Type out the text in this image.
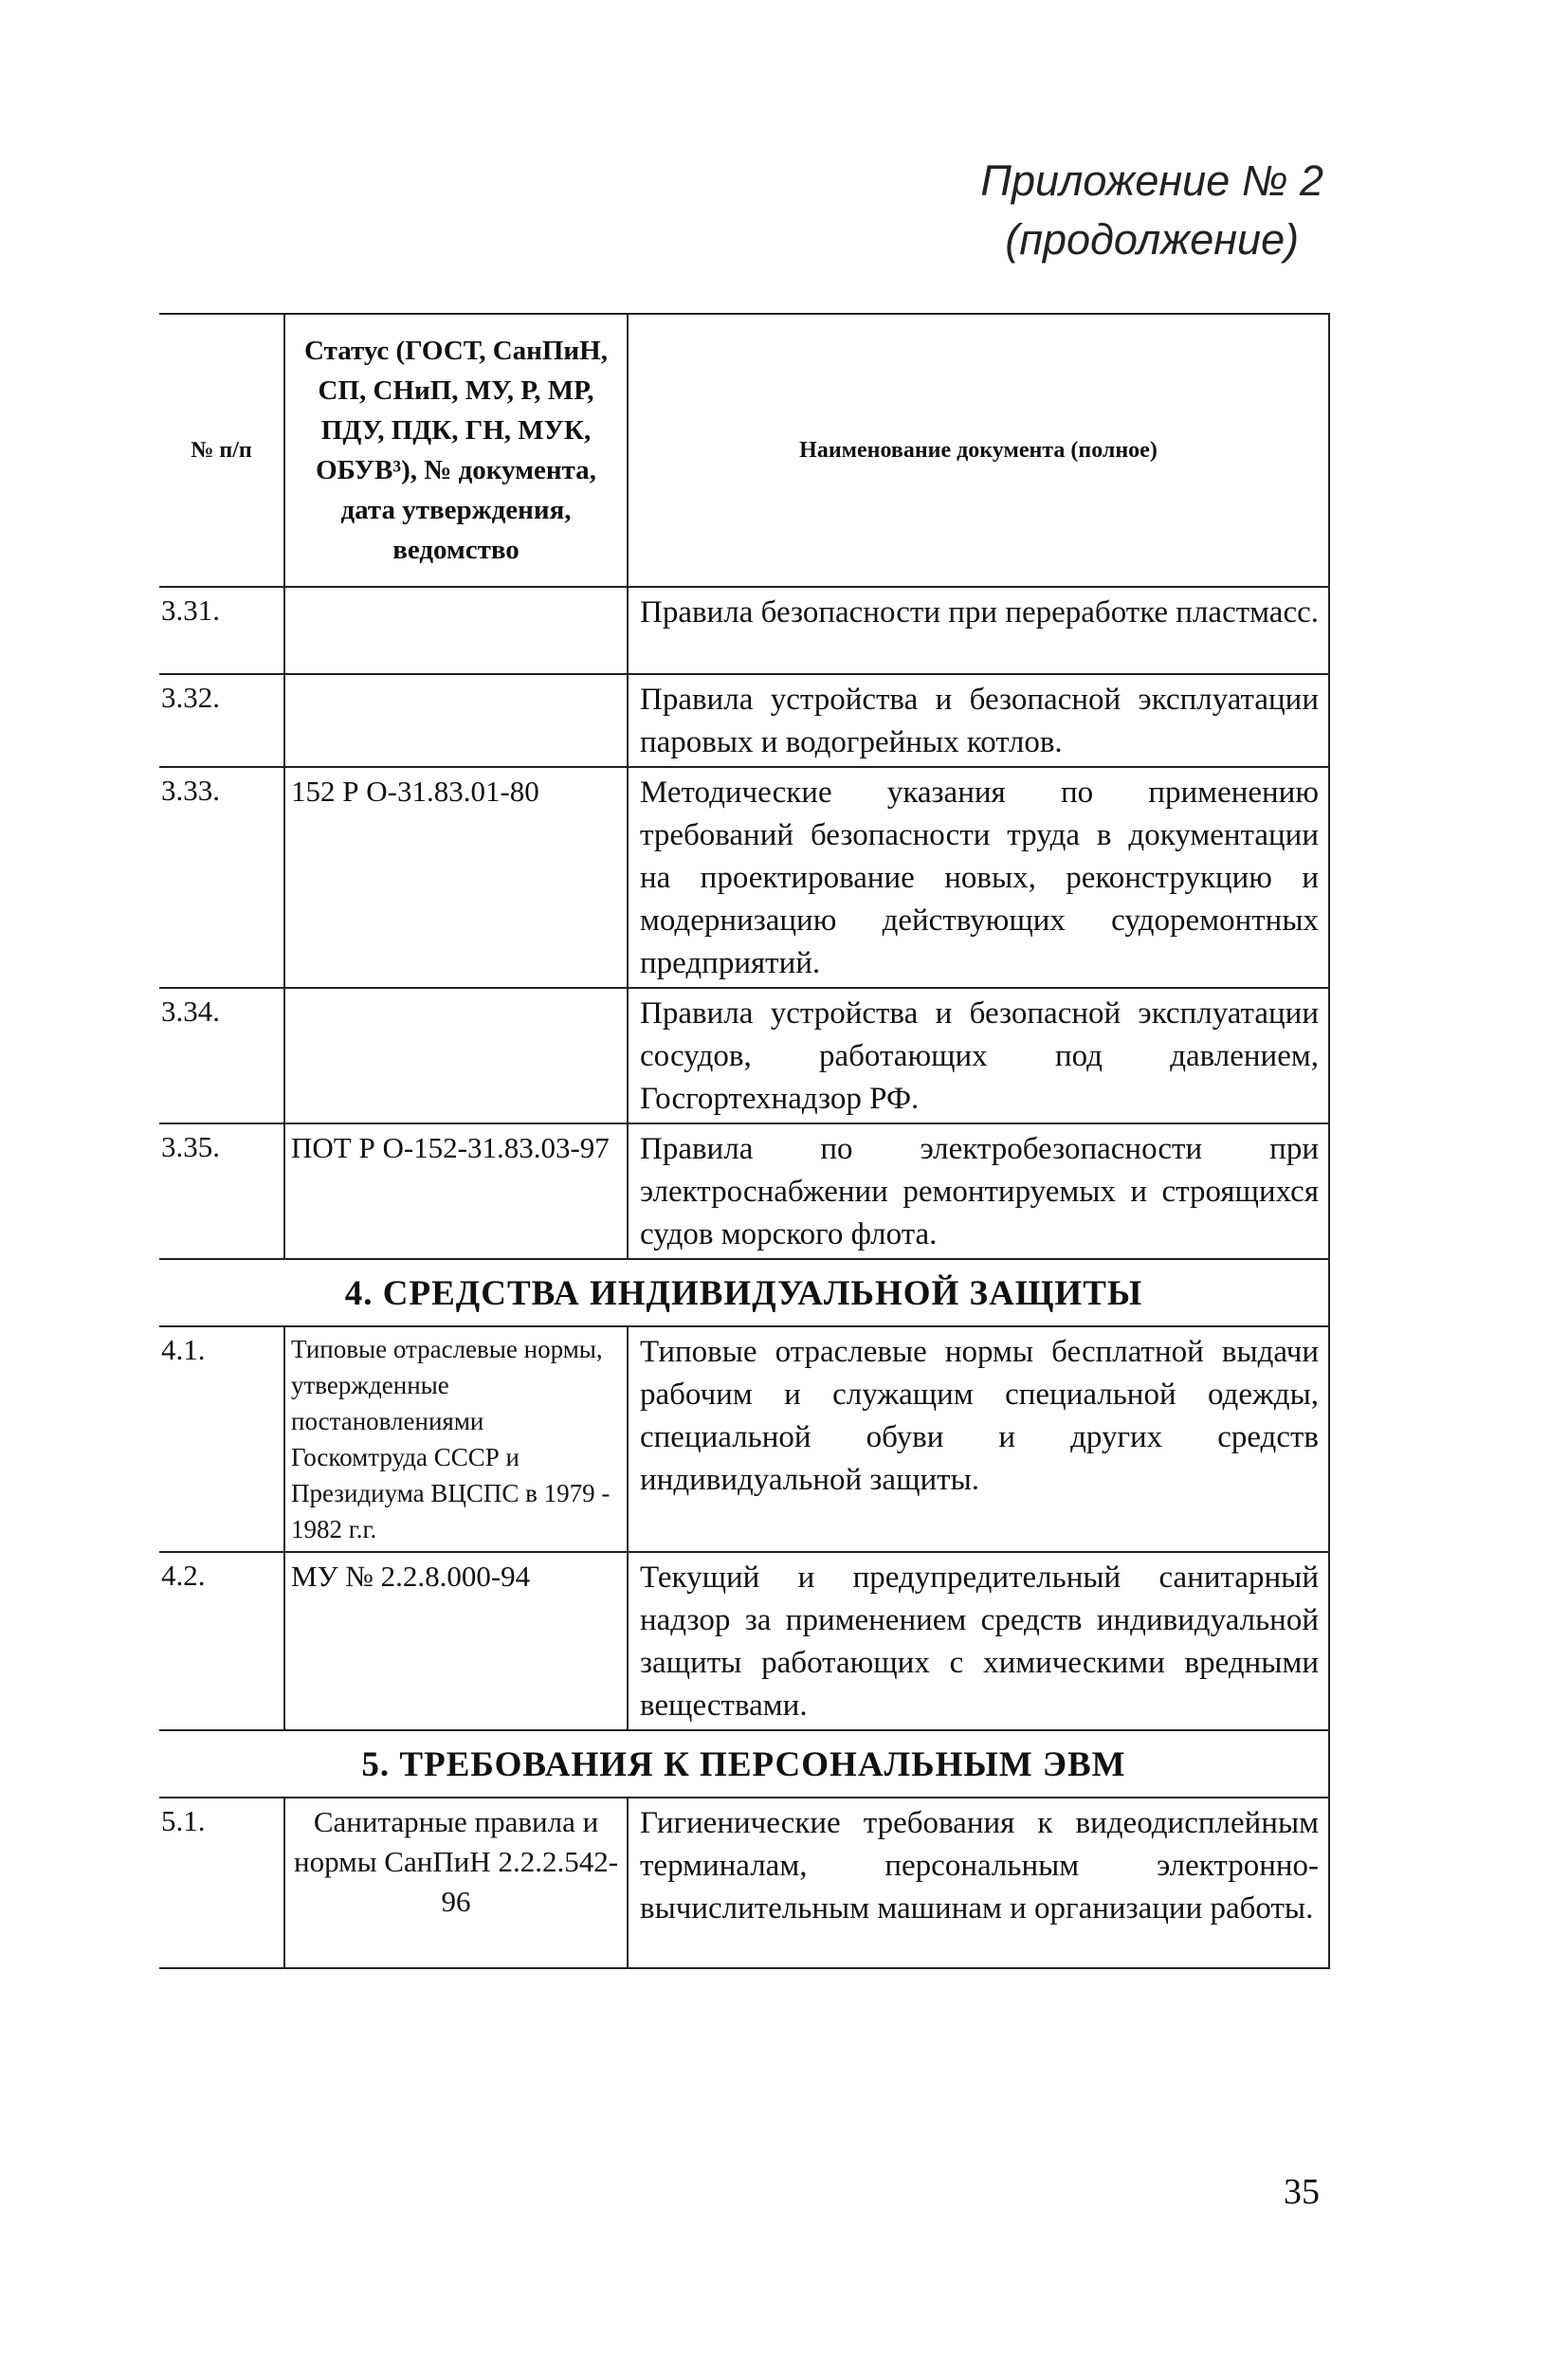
Приложение № 2
(продолжение)
№ п/п	Статус (ГОСТ, СанПиН, СП, СНиП, МУ, Р, МР, ПДУ, ПДК, ГН, МУК, ОБУВ³), № документа, дата утверждения, ведомство	Наименование документа (полное)
3.31.		Правила безопасности при переработке пластмасс.
3.32.		Правила устройства и безопасной эксплуатации паровых и водогрейных котлов.
3.33.	152 Р О-31.83.01-80	Методические указания по применению требований безопасности труда в документации на проектирование новых, реконструкцию и модернизацию действующих судоремонтных предприятий.
3.34.		Правила устройства и безопасной эксплуатации сосудов, работающих под давлением, Госгортехнадзор РФ.
3.35.	ПОТ Р О-152-31.83.03-97	Правила по электробезопасности при электроснабжении ремонтируемых и строящихся судов морского флота.
4. СРЕДСТВА ИНДИВИДУАЛЬНОЙ ЗАЩИТЫ		
4.1.	Типовые отраслевые нормы, утвержденные постановлениями Госкомтруда СССР и Президиума ВЦСПС в 1979 - 1982 г.г.	Типовые отраслевые нормы бесплатной выдачи рабочим и служащим специальной одежды, специальной обуви и других средств индивидуальной защиты.
4.2.	МУ № 2.2.8.000-94	Текущий и предупредительный санитарный надзор за применением средств индивидуальной защиты работающих с химическими вредными веществами.
5. ТРЕБОВАНИЯ К ПЕРСОНАЛЬНЫМ ЭВМ		
5.1.	Санитарные правила и нормы СанПиН 2.2.2.542-96	Гигиенические требования к видеодисплейным терминалам, персональным электронно-вычислительным машинам и организации работы.
35
